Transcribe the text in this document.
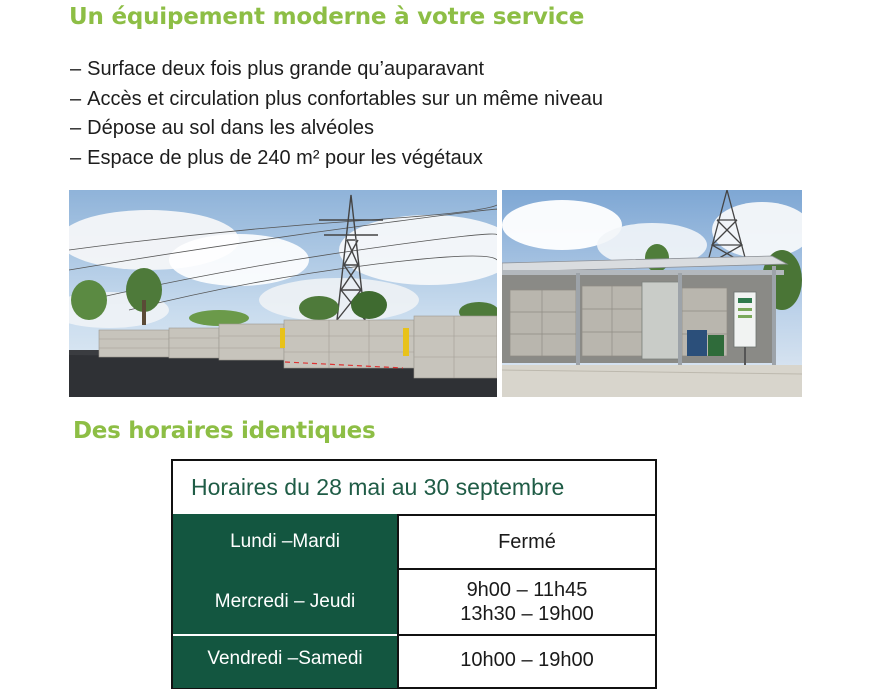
Un équipement moderne à votre service
– Surface deux fois plus grande qu’auparavant
– Accès et circulation plus confortables sur un même niveau
– Dépose au sol dans les alvéoles
– Espace de plus de 240 m² pour les végétaux
Des horaires identiques
Horaires du 28 mai au 30 septembre
Lundi –Mardi	Fermé
Mercredi – Jeudi
9h00 – 11h45
13h30 – 19h00
Vendredi –Samedi	10h00 – 19h00
